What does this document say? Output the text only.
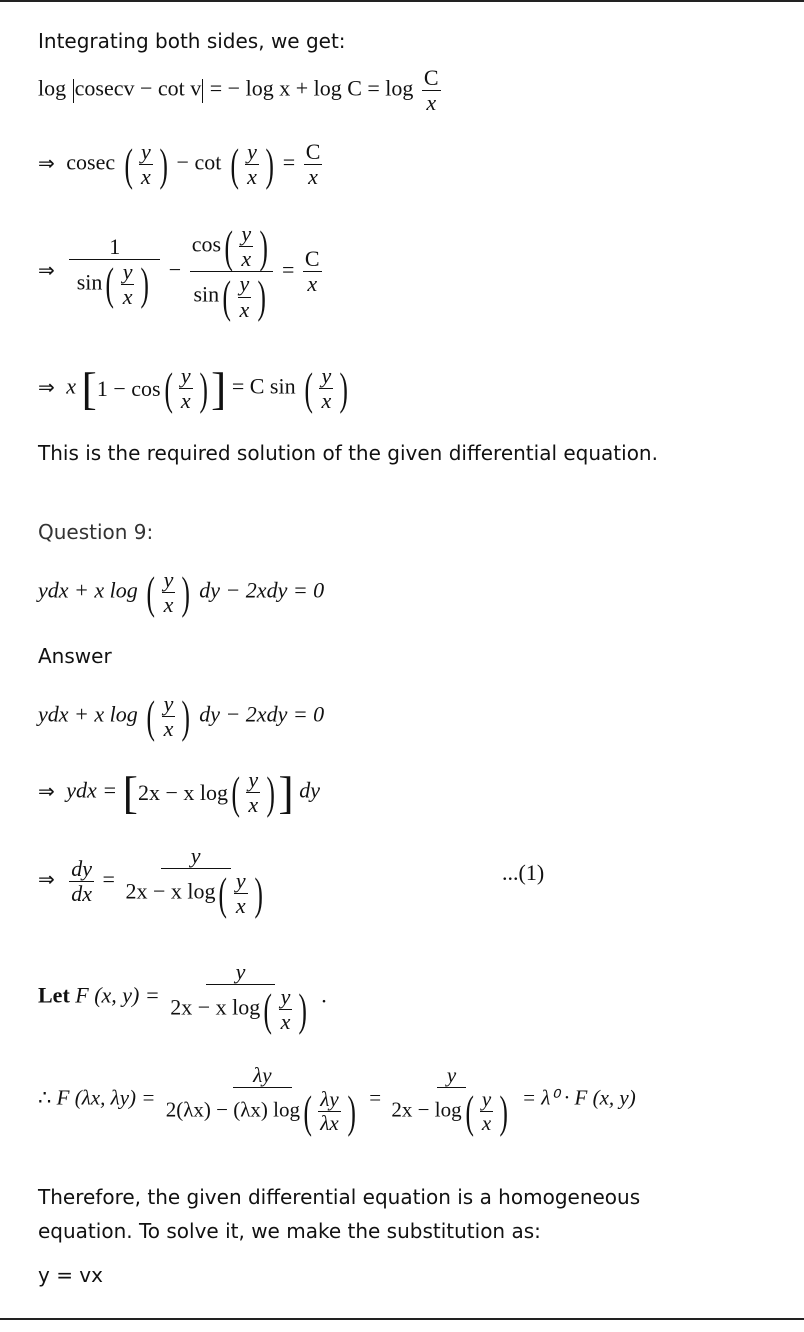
Integrating both sides, we get:
log cosecv − cot v = − $\log x + \log C = \log \frac{C}{x}$
⇒ cosec ( $\frac{y}{x}$ ) − cot ( $\frac{y}{x}$ ) = $\frac{C}{x}$
⇒ $\frac{1}{\sin ( \frac{y}{x} )} - \frac{\cos ( \frac{y}{x} )}{\sin ( \frac{y}{x} )} = \frac{C}{x}$
⇒ x [ 1 − cos ( $\frac{y}{x}$ ) ] = C sin ( $\frac{y}{x}$ )
This is the required solution of the given differential equation.
Question 9:
ydx + x log ( $\frac{y}{x}$ ) dy − 2xdy = 0
Answer
ydx + x log ( $\frac{y}{x}$ ) dy − 2xdy = 0
⇒ ydx = [ 2x − x log ( $\frac{y}{x}$ ) ] dy
⇒ $\frac{dy}{dx} = \frac{y}{2x - x \log ( \frac{y}{x} )}$	...(1)
Let F (x, $y) = \frac{y}{2x - x \log ( \frac{y}{x} )}$ .
∴ F (λx, $\lambda y) = \frac{\lambda y}{2(\lambda x) - (\lambda x) \log ( \frac{\lambda y}{\lambda x} )} = \frac{y}{2x - \log ( \frac{y}{x} )} = \lambda^0 \cdot F$ (x, y)
Therefore, the given differential equation is a homogeneous
equation. To solve it, we make the substitution as:
y = vx
